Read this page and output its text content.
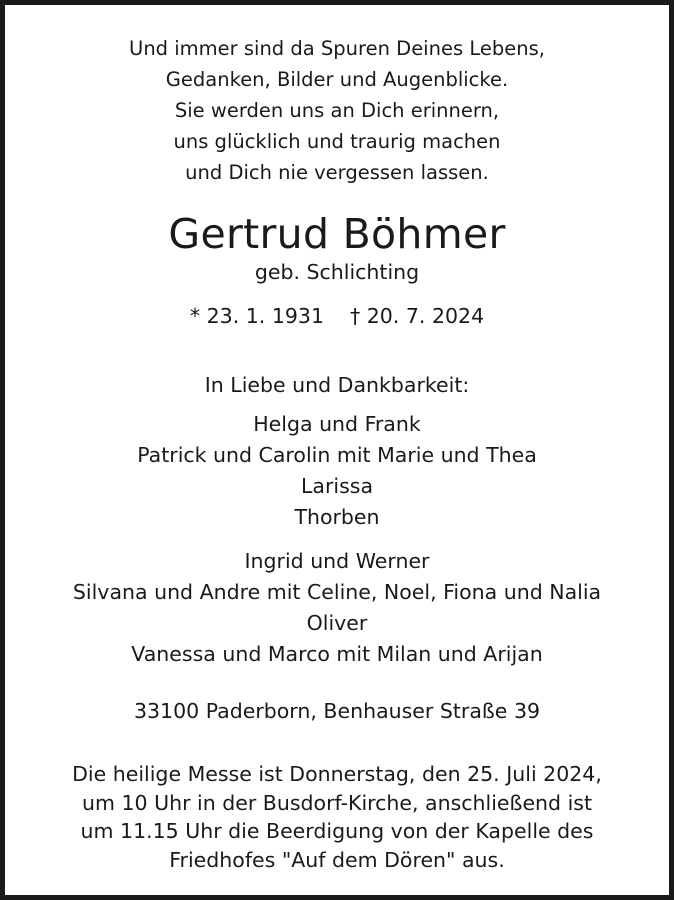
Und immer sind da Spuren Deines Lebens,
Gedanken, Bilder und Augenblicke.
Sie werden uns an Dich erinnern,
uns glücklich und traurig machen
und Dich nie vergessen lassen.
Gertrud Böhmer
geb. Schlichting
* 23. 1. 1931 † 20. 7. 2024
In Liebe und Dankbarkeit:
Helga und Frank
Patrick und Carolin mit Marie und Thea
Larissa
Thorben
Ingrid und Werner
Silvana und Andre mit Celine, Noel, Fiona und Nalia
Oliver
Vanessa und Marco mit Milan und Arijan
33100 Paderborn, Benhauser Straße 39
Die heilige Messe ist Donnerstag, den 25. Juli 2024,
um 10 Uhr in der Busdorf-Kirche, anschließend ist
um 11.15 Uhr die Beerdigung von der Kapelle des
Friedhofes "Auf dem Dören" aus.
